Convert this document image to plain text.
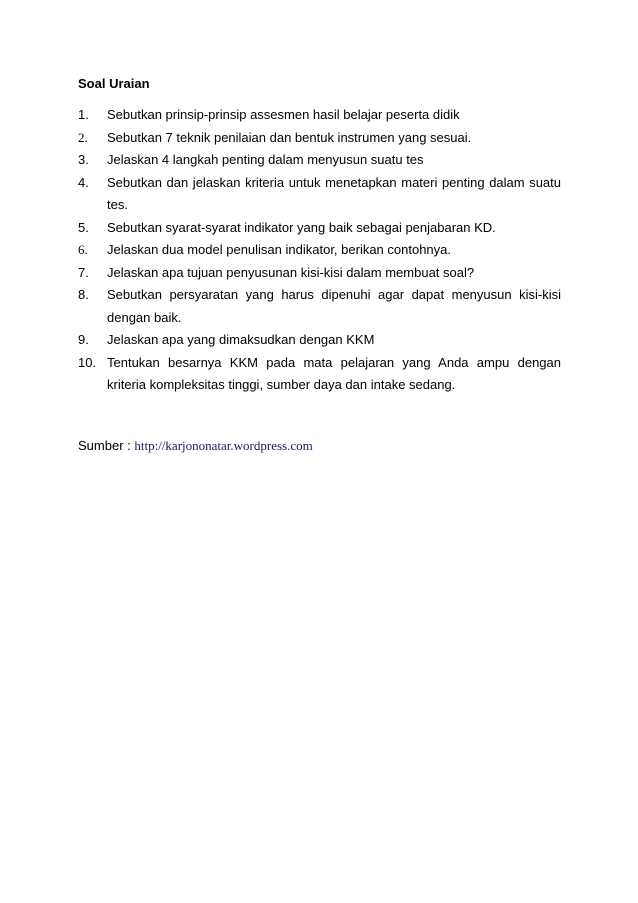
Soal Uraian
1.	Sebutkan prinsip-prinsip assesmen hasil belajar peserta didik
2.	Sebutkan 7 teknik penilaian dan bentuk instrumen yang sesuai.
3.	Jelaskan 4 langkah penting dalam menyusun suatu tes
4.	Sebutkan dan jelaskan kriteria untuk menetapkan materi penting dalam suatu tes.
5.	Sebutkan syarat-syarat indikator yang baik sebagai penjabaran KD.
6.	Jelaskan dua model penulisan indikator, berikan contohnya.
7.	Jelaskan apa tujuan penyusunan kisi-kisi dalam membuat soal?
8.	Sebutkan persyaratan yang harus dipenuhi agar dapat menyusun kisi-kisi dengan baik.
9.	Jelaskan apa yang dimaksudkan dengan KKM
10. Tentukan besarnya KKM pada mata pelajaran yang Anda ampu dengan kriteria kompleksitas tinggi, sumber daya dan intake sedang.
Sumber : http://karjononatar.wordpress.com
